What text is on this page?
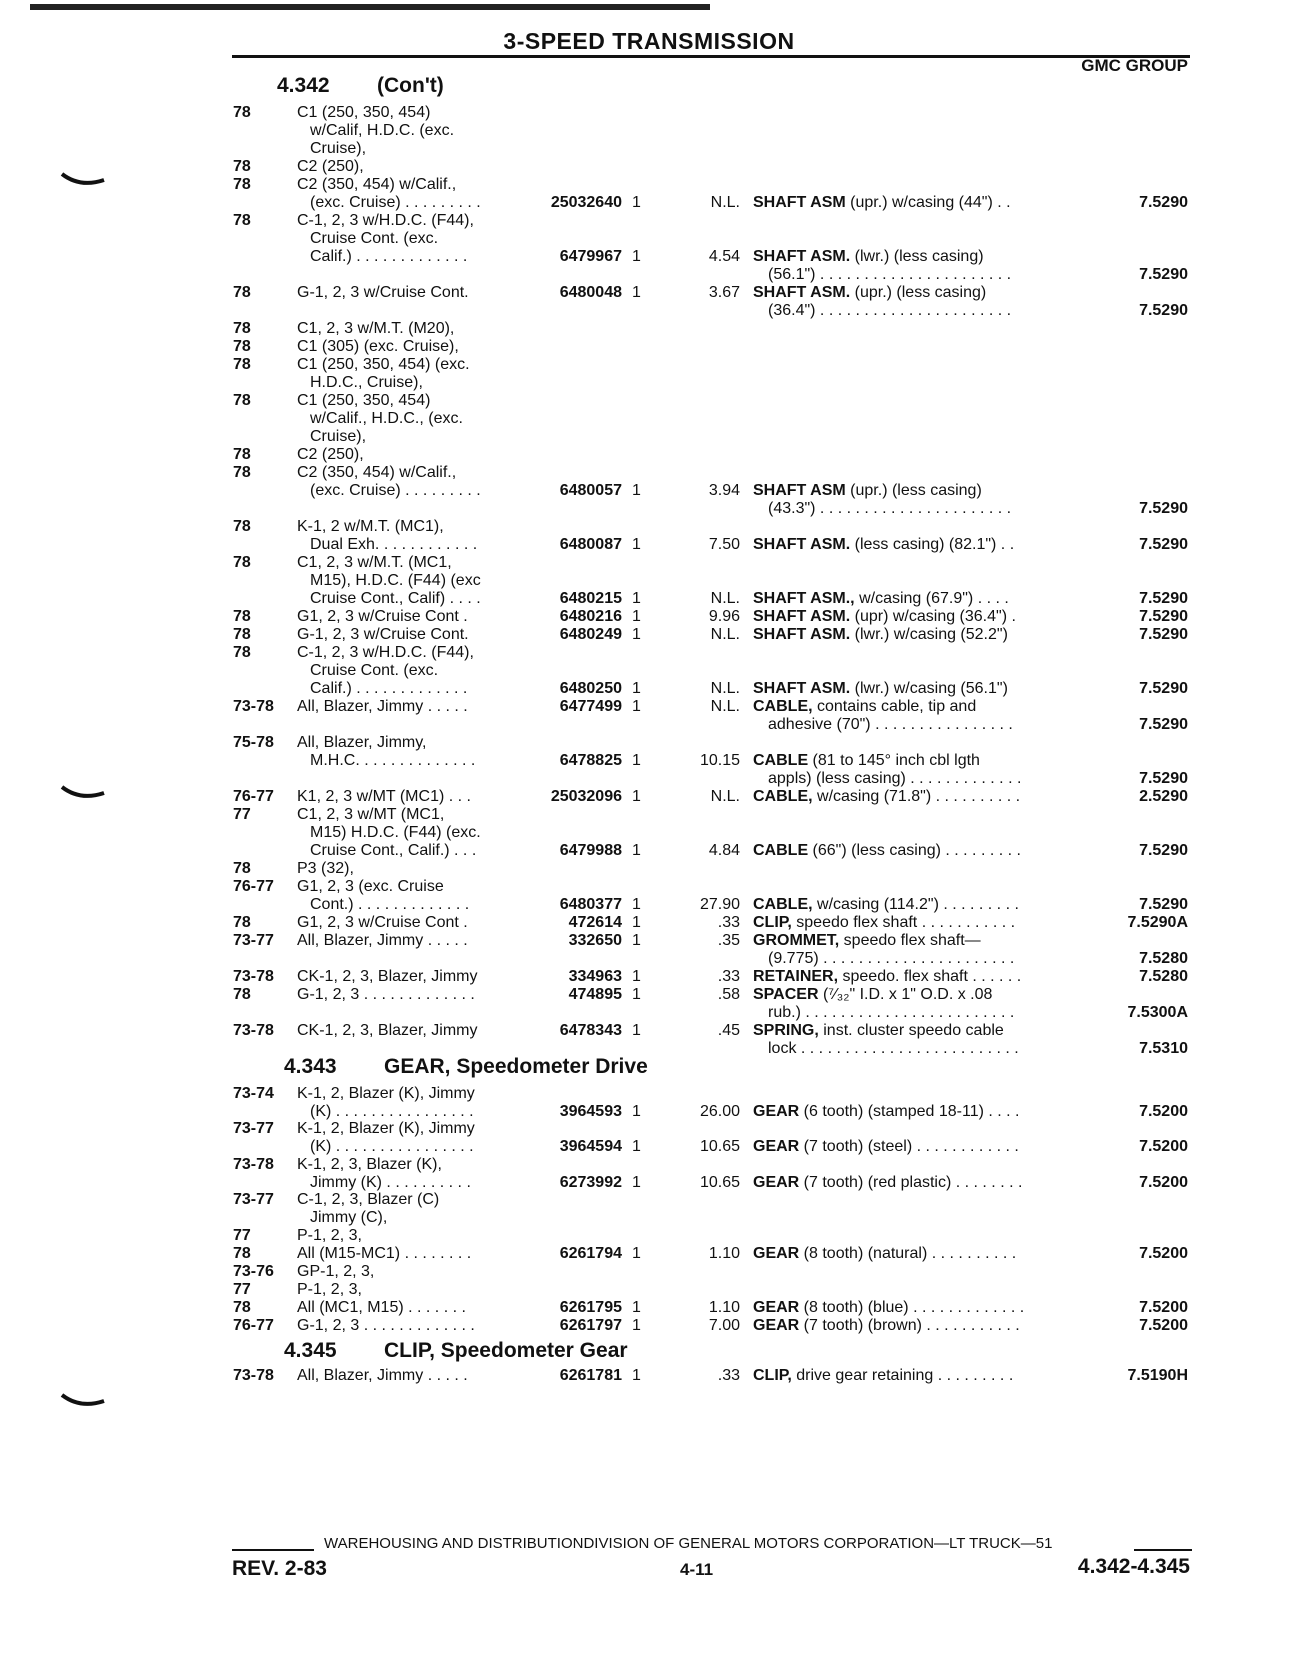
3-SPEED TRANSMISSION
GMC GROUP
4.342 (Con't)
4.343 GEAR, Speedometer Drive
4.345 CLIP, Speedometer Gear
78	C1 (250, 350, 454)
w/Calif, H.D.C. (exc.
Cruise),
78	C2 (250),
78	C2 (350, 454) w/Calif.,
(exc. Cruise) . . . . . . . . .	25032640 1	N.L. SHAFT ASM (upr.) w/casing (44") . .	7.5290
78	C-1, 2, 3 w/H.D.C. (F44),
Cruise Cont. (exc.
Calif.) . . . . . . . . . . . . .	6479967 1	4.54 SHAFT ASM. (lwr.) (less casing)
(56.1") . . . . . . . . . . . . . . . . . . . . . .	7.5290
78	G-1, 2, 3 w/Cruise Cont.	6480048 1	3.67 SHAFT ASM. (upr.) (less casing)
(36.4") . . . . . . . . . . . . . . . . . . . . . .	7.5290
78	C1, 2, 3 w/M.T. (M20),
78	C1 (305) (exc. Cruise),
78	C1 (250, 350, 454) (exc.
H.D.C., Cruise),
78	C1 (250, 350, 454)
w/Calif., H.D.C., (exc.
Cruise),
78	C2 (250),
78	C2 (350, 454) w/Calif.,
(exc. Cruise) . . . . . . . . .	6480057 1	3.94 SHAFT ASM (upr.) (less casing)
(43.3") . . . . . . . . . . . . . . . . . . . . . .	7.5290
78	K-1, 2 w/M.T. (MC1),
Dual Exh. . . . . . . . . . . .	6480087 1	7.50 SHAFT ASM. (less casing) (82.1") . .	7.5290
78	C1, 2, 3 w/M.T. (MC1,
M15), H.D.C. (F44) (exc
Cruise Cont., Calif) . . . .	6480215 1	N.L. SHAFT ASM., w/casing (67.9") . . . .	7.5290
78	G1, 2, 3 w/Cruise Cont .	6480216 1	9.96 SHAFT ASM. (upr) w/casing (36.4") .	7.5290
78	G-1, 2, 3 w/Cruise Cont.	6480249 1	N.L. SHAFT ASM. (lwr.) w/casing (52.2")	7.5290
78	C-1, 2, 3 w/H.D.C. (F44),
Cruise Cont. (exc.
Calif.) . . . . . . . . . . . . .	6480250 1	N.L. SHAFT ASM. (lwr.) w/casing (56.1")	7.5290
73-78 All, Blazer, Jimmy . . . . .	6477499 1	N.L. CABLE, contains cable, tip and
adhesive (70") . . . . . . . . . . . . . . . .	7.5290
75-78 All, Blazer, Jimmy,
M.H.C. . . . . . . . . . . . . .	6478825 1	10.15 CABLE (81 to 145° inch cbl lgth
appls) (less casing) . . . . . . . . . . . . .	7.5290
76-77 K1, 2, 3 w/MT (MC1) . . .	25032096 1	N.L. CABLE, w/casing (71.8") . . . . . . . . . .	2.5290
77	C1, 2, 3 w/MT (MC1,
M15) H.D.C. (F44) (exc.
Cruise Cont., Calif.) . . .	6479988 1	4.84 CABLE (66") (less casing) . . . . . . . . .	7.5290
78	P3 (32),
76-77 G1, 2, 3 (exc. Cruise
Cont.) . . . . . . . . . . . . .	6480377 1	27.90 CABLE, w/casing (114.2") . . . . . . . . .	7.5290
78	G1, 2, 3 w/Cruise Cont .	472614 1	.33 CLIP, speedo flex shaft . . . . . . . . . . .	7.5290A
73-77 All, Blazer, Jimmy . . . . .	332650 1	.35 GROMMET, speedo flex shaft—
(9.775) . . . . . . . . . . . . . . . . . . . . . .	7.5280
73-78 CK-1, 2, 3, Blazer, Jimmy	334963 1	.33 RETAINER, speedo. flex shaft . . . . . .	7.5280
78	G-1, 2, 3 . . . . . . . . . . . . .	474895 1	.58 SPACER (⁷⁄₃₂" I.D. x 1" O.D. x .08
rub.) . . . . . . . . . . . . . . . . . . . . . . . .	7.5300A
73-78 CK-1, 2, 3, Blazer, Jimmy	6478343 1	.45 SPRING, inst. cluster speedo cable
lock . . . . . . . . . . . . . . . . . . . . . . . . .	7.5310
73-74 K-1, 2, Blazer (K), Jimmy
(K) . . . . . . . . . . . . . . . .	3964593 1	26.00 GEAR (6 tooth) (stamped 18-11) . . . .	7.5200
73-77 K-1, 2, Blazer (K), Jimmy
(K) . . . . . . . . . . . . . . . .	3964594 1	10.65 GEAR (7 tooth) (steel) . . . . . . . . . . . .	7.5200
73-78 K-1, 2, 3, Blazer (K),
Jimmy (K) . . . . . . . . . .	6273992 1	10.65 GEAR (7 tooth) (red plastic) . . . . . . . .	7.5200
73-77 C-1, 2, 3, Blazer (C)
Jimmy (C),
77	P-1, 2, 3,
78	All (M15-MC1) . . . . . . . .	6261794 1	1.10 GEAR (8 tooth) (natural) . . . . . . . . . .	7.5200
73-76 GP-1, 2, 3,
77	P-1, 2, 3,
78	All (MC1, M15) . . . . . . .	6261795 1	1.10 GEAR (8 tooth) (blue) . . . . . . . . . . . . .	7.5200
76-77 G-1, 2, 3 . . . . . . . . . . . . .	6261797 1	7.00 GEAR (7 tooth) (brown) . . . . . . . . . . .	7.5200
73-78 All, Blazer, Jimmy . . . . .	6261781 1	.33 CLIP, drive gear retaining . . . . . . . . .	7.5190H
WAREHOUSING AND DISTRIBUTIONDIVISION OF GENERAL MOTORS CORPORATION—LT TRUCK—51
REV. 2-83	4-11	4.342-4.345
